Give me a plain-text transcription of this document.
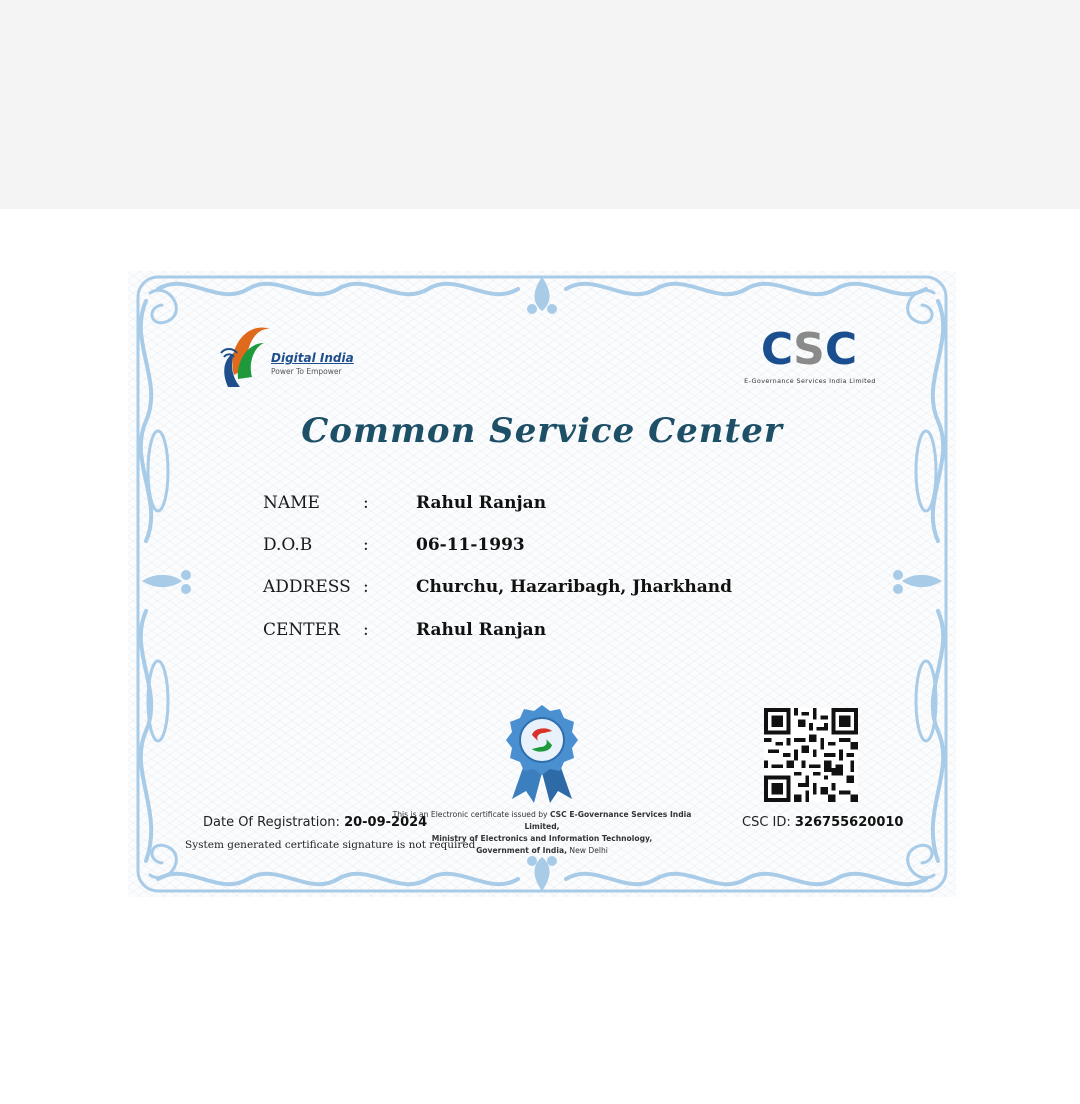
Digital India
Power To Empower	C S C
E-Governance Services India Limited
Common Service Center
NAME	:	Rahul Ranjan
D.O.B	:	06-11-1993
ADDRESS :	Churchu, Hazaribagh, Jharkhand
CENTER :	Rahul Ranjan
Date Of Registration: 20-09-2024
System generated certificate signature is not required
This is an Electronic certificate issued by CSC E-Governance Services India Limited,
Ministry of Electronics and Information Technology,
Government of India, New Delhi
CSC ID: 326755620010
